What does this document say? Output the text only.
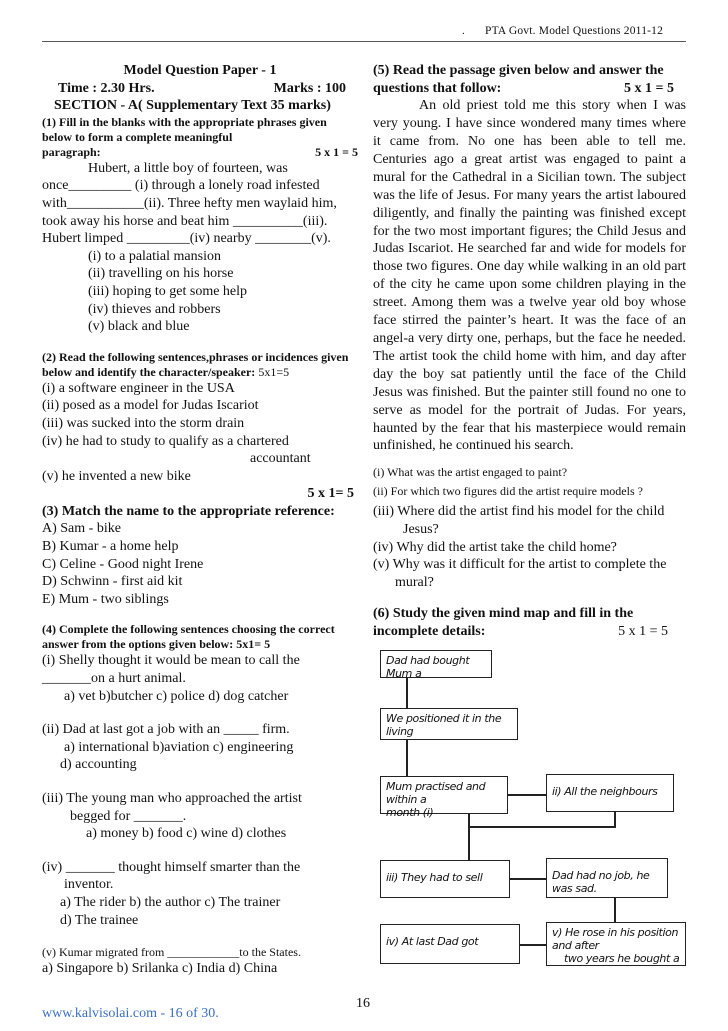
. PTA Govt. Model Questions 2011-12
Model Question Paper - 1
Time : 2.30 Hrs.	Marks : 100
SECTION - A( Supplementary Text 35 marks)
(1) Fill in the blanks with the appropriate phrases given below to form a complete meaningful
paragraph:	5 x 1 = 5
Hubert, a little boy of fourteen, was
once_________ (i) through a lonely road infested
with___________(ii). Three hefty men waylaid him,
took away his horse and beat him __________(iii).
Hubert limped _________(iv) nearby ________(v).
(i) to a palatial mansion
(ii) travelling on his horse
(iii) hoping to get some help
(iv) thieves and robbers
(v) black and blue
(2) Read the following sentences,phrases or incidences given below and identify the character/speaker: 5x1=5
(i) a software engineer in the USA
(ii) posed as a model for Judas Iscariot
(iii) was sucked into the storm drain
(iv) he had to study to qualify as a chartered
accountant
(v) he invented a new bike
5 x 1= 5
(3) Match the name to the appropriate reference:
A) Sam - bike
B) Kumar - a home help
C) Celine - Good night Irene
D) Schwinn - first aid kit
E) Mum - two siblings
(4) Complete the following sentences choosing the correct answer from the options given below: 5x1= 5
(i) Shelly thought it would be mean to call the
_______on a hurt animal.
a) vet b)butcher c) police d) dog catcher
(ii) Dad at last got a job with an _____ firm.
a) international b)aviation c) engineering
d) accounting
(iii) The young man who approached the artist
begged for _______.
a) money b) food c) wine d) clothes
(iv) _______ thought himself smarter than the
inventor.
a) The rider b) the author c) The trainer
d) The trainee
(v) Kumar migrated from ____________to the States.
a) Singapore b) Srilanka c) India d) China
(5) Read the passage given below and answer the
questions that follow:	5 x 1 = 5
An old priest told me this story when I was very young. I have since wondered many times where it came from. No one has been able to tell me. Centuries ago a great artist was engaged to paint a mural for the Cathedral in a Sicilian town. The subject was the life of Jesus. For many years the artist laboured diligently, and finally the painting was finished except for the two most important figures; the Child Jesus and Judas Iscariot. He searched far and wide for models for those two figures. One day while walking in an old part of the city he came upon some children playing in the street. Among them was a twelve year old boy whose face stirred the painter’s heart. It was the face of an angel-a very dirty one, perhaps, but the face he needed. The artist took the child home with him, and day after day the boy sat patiently until the face of the Child Jesus was finished. But the painter still found no one to serve as model for the portrait of Judas. For years, haunted by the fear that his masterpiece would remain unfinished, he continued his search.
(i) What was the artist engaged to paint?
(ii) For which two figures did the artist require models ?
(iii) Where did the artist find his model for the child
Jesus?
(iv) Why did the artist take the child home?
(v) Why was it difficult for the artist to complete the
mural?
(6) Study the given mind map and fill in the
incomplete details:	5 x 1 = 5
Dad had bought Mum a
We positioned it in the living
Mum practised and within a
month (i)
ii) All the neighbours
iii) They had to sell	Dad had no job, he was sad.
iv) At last Dad got
v) He rose in his position and after
two years he bought a
16
www.kalvisolai.com - 16 of 30.
